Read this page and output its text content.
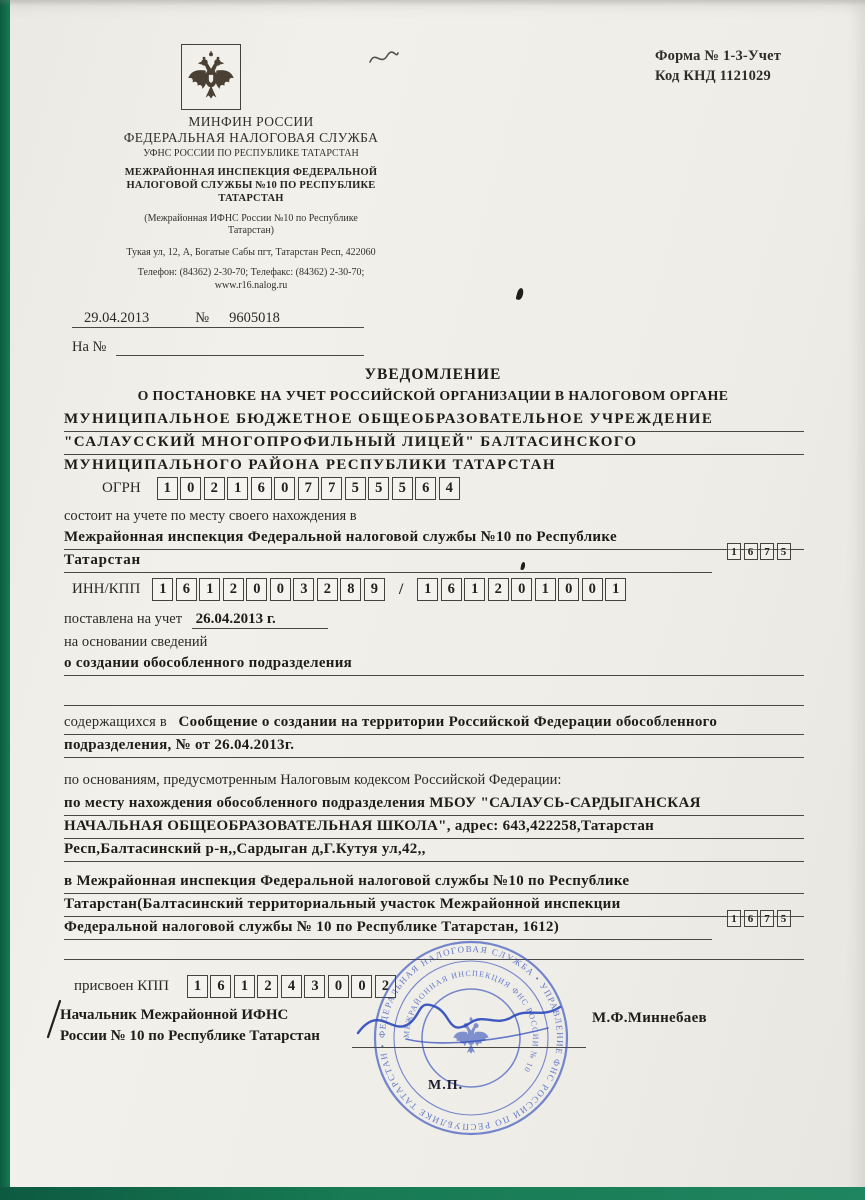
Форма № 1-3-Учет
Код КНД 1121029
МИНФИН РОССИИ
ФЕДЕРАЛЬНАЯ НАЛОГОВАЯ СЛУЖБА
УФНС РОССИИ ПО РЕСПУБЛИКЕ ТАТАРСТАН
МЕЖРАЙОННАЯ ИНСПЕКЦИЯ ФЕДЕРАЛЬНОЙ НАЛОГОВОЙ СЛУЖБЫ №10 ПО РЕСПУБЛИКЕ ТАТАРСТАН
(Межрайонная ИФНС России №10 по Республике Татарстан)
Тукая ул, 12, А, Богатые Сабы пгт, Татарстан Респ, 422060
Телефон: (84362) 2-30-70; Телефакс: (84362) 2-30-70;
www.r16.nalog.ru
29.04.2013	№ 9605018
На №
УВЕДОМЛЕНИЕ
О ПОСТАНОВКЕ НА УЧЕТ РОССИЙСКОЙ ОРГАНИЗАЦИИ В НАЛОГОВОМ ОРГАНЕ
МУНИЦИПАЛЬНОЕ БЮДЖЕТНОЕ ОБЩЕОБРАЗОВАТЕЛЬНОЕ УЧРЕЖДЕНИЕ
"САЛАУССКИЙ МНОГОПРОФИЛЬНЫЙ ЛИЦЕЙ" БАЛТАСИНСКОГО
МУНИЦИПАЛЬНОГО РАЙОНА РЕСПУБЛИКИ ТАТАРСТАН
ОГРН	1	0	2	1	6	0	7	7	5	5	5	6	4
состоит на учете по месту своего нахождения в
Межрайонная инспекция Федеральной налоговой службы №10 по Республике
Татарстан
1	6	7	5
ИНН/КПП	1	6	1	2	0	0	3	2	8	9	/	1	6	1	2	0	1	0	0	1
поставлена на учет 26.04.2013 г.
на основании сведений
о создании обособленного подразделения
содержащихся в Сообщение о создании на территории Российской Федерации обособленного
подразделения, № от 26.04.2013г.
по основаниям, предусмотренным Налоговым кодексом Российской Федерации:
по месту нахождения обособленного подразделения МБОУ "САЛАУСЬ-САРДЫГАНСКАЯ
НАЧАЛЬНАЯ ОБЩЕОБРАЗОВАТЕЛЬНАЯ ШКОЛА", адрес: 643,422258,Татарстан
Респ,Балтасинский р-н,,Сардыган д,Г.Кутуя ул,42,,
в Межрайонная инспекция Федеральной налоговой службы №10 по Республике
Татарстан(Балтасинский территориальный участок Межрайонной инспекции
Федеральной налоговой службы № 10 по Республике Татарстан, 1612)
1	6	7	5
присвоен КПП	1	6	1	2	4	3	0	0	2
Начальник Межрайонной ИФНС
России № 10 по Республике Татарстан
М.Ф.Миннебаев
ФЕДЕРАЛЬНАЯ НАЛОГОВАЯ СЛУЖБА • УПРАВЛЕНИЕ ФНС РОССИИ ПО РЕСПУБЛИКЕ ТАТАРСТАН •
МЕЖРАЙОННАЯ ИНСПЕКЦИЯ ФНС РОССИИ № 10
М.П.
